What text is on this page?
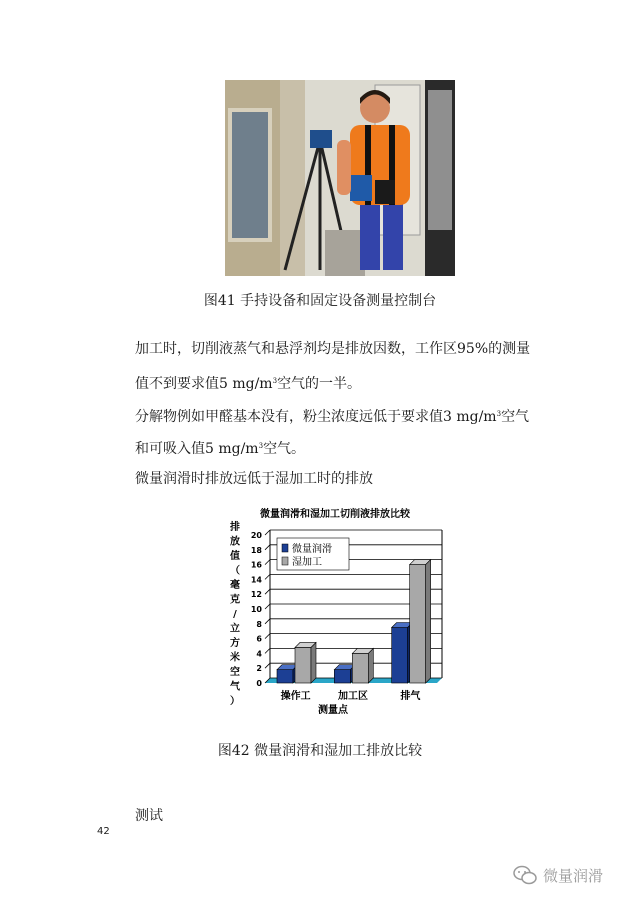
图41 手持设备和固定设备测量控制台
加工时，切削液蒸气和悬浮剂均是排放因数，工作区95%的测量
值不到要求值5 $mg/m^3$空气的一半。
分解物例如甲醛基本没有，粉尘浓度远低于要求值3 $mg/m^3$空气
和可吸入值5 $mg/m^3$空气。
微量润滑时排放远低于湿加工时的排放
微量润滑和湿加工切削液排放比较
排
放
值
（
毫
克
/
立
方
米
空
气
）
0
2
4
6
8
10
12
14
16
18
20
操作工	加工区	排气
测量点
微量润滑
湿加工
图42 微量润滑和湿加工排放比较
测试
42
微量润滑
